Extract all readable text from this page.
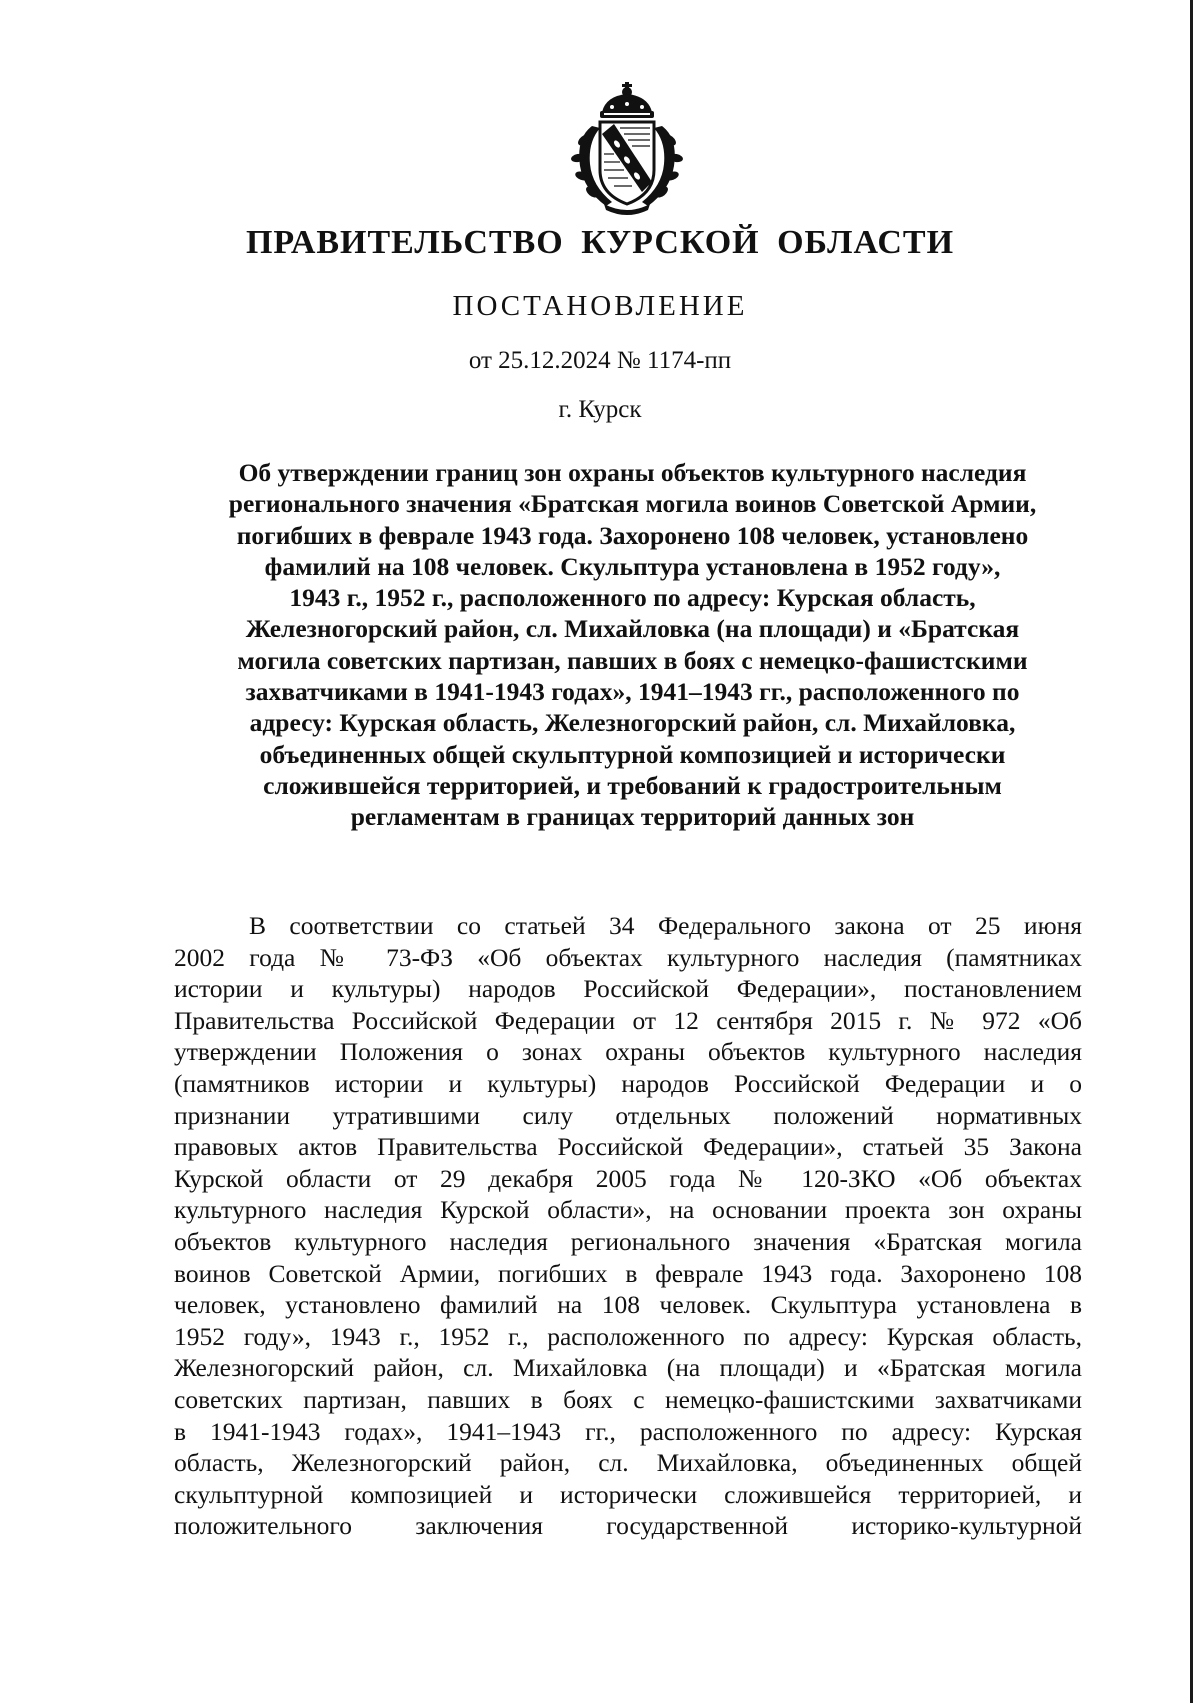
ПРАВИТЕЛЬСТВО КУРСКОЙ ОБЛАСТИ
ПОСТАНОВЛЕНИЕ
от 25.12.2024 № 1174-пп
г. Курск
Об утверждении границ зон охраны объектов культурного наследия
регионального значения «Братская могила воинов Советской Армии,
погибших в феврале 1943 года. Захоронено 108 человек, установлено
фамилий на 108 человек. Скульптура установлена в 1952 году»,
1943 г., 1952 г., расположенного по адресу: Курская область,
Железногорский район, сл. Михайловка (на площади) и «Братская
могила советских партизан, павших в боях с немецко-фашистскими
захватчиками в 1941-1943 годах», 1941–1943 гг., расположенного по
адресу: Курская область, Железногорский район, сл. Михайловка,
объединенных общей скульптурной композицией и исторически
сложившейся территорией, и требований к градостроительным
регламентам в границах территорий данных зон
В соответствии со статьей 34 Федерального закона от 25 июня
2002 года № 73-ФЗ «Об объектах культурного наследия (памятниках
истории и культуры) народов Российской Федерации», постановлением
Правительства Российской Федерации от 12 сентября 2015 г. № 972 «Об
утверждении Положения о зонах охраны объектов культурного наследия
(памятников истории и культуры) народов Российской Федерации и о
признании утратившими силу отдельных положений нормативных
правовых актов Правительства Российской Федерации», статьей 35 Закона
Курской области от 29 декабря 2005 года № 120-ЗКО «Об объектах
культурного наследия Курской области», на основании проекта зон охраны
объектов культурного наследия регионального значения «Братская могила
воинов Советской Армии, погибших в феврале 1943 года. Захоронено 108
человек, установлено фамилий на 108 человек. Скульптура установлена в
1952 году», 1943 г., 1952 г., расположенного по адресу: Курская область,
Железногорский район, сл. Михайловка (на площади) и «Братская могила
советских партизан, павших в боях с немецко-фашистскими захватчиками
в 1941-1943 годах», 1941–1943 гг., расположенного по адресу: Курская
область, Железногорский район, сл. Михайловка, объединенных общей
скульптурной композицией и исторически сложившейся территорией, и
положительного заключения государственной историко-культурной
